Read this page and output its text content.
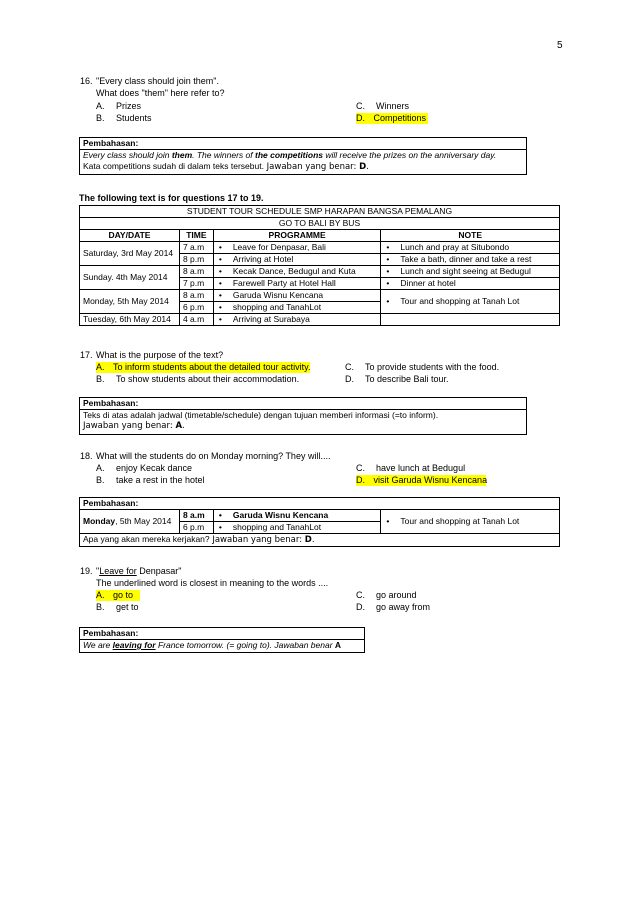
5
16. "Every class should join them".
What does "them" here refer to?
A. Prizes
B. Students
C. Winners
D. Competitions
Pembahasan:
Every class should join them. The winners of the competitions will receive the prizes on the anniversary day.
Kata competitions sudah di dalam teks tersebut. Jawaban yang benar: D.
The following text is for questions 17 to 19.
STUDENT TOUR SCHEDULE SMP HARAPAN BANGSA PEMALANG			
GO TO BALI BY BUS			
DAY/DATE	TIME	PROGRAMME	NOTE
Saturday, 3rd May 2014	7 a.m	• Leave for Denpasar, Bali	• Lunch and pray at Situbondo
	8 p.m	• Arriving at Hotel	• Take a bath, dinner and take a rest
Sunday. 4th May 2014	8 a.m	• Kecak Dance, Bedugul and Kuta	• Lunch and sight seeing at Bedugul
	7 p.m	• Farewell Party at Hotel Hall	• Dinner at hotel
Monday, 5th May 2014	8 a.m	• Garuda Wisnu Kencana	• Tour and shopping at Tanah Lot
	6 p.m	• shopping and TanahLot
Tuesday, 6th May 2014	4 a.m	• Arriving at Surabaya	
17. What is the purpose of the text?
A. To inform students about the detailed tour activity.
B. To show students about their accommodation.
C. To provide students with the food.
D. To describe Bali tour.
Pembahasan:
Teks di atas adalah jadwal (timetable/schedule) dengan tujuan memberi informasi (=to inform).
Jawaban yang benar: A.
18. What will the students do on Monday morning? They will....
A. enjoy Kecak dance
B. take a rest in the hotel
C. have lunch at Bedugul
D. visit Garuda Wisnu Kencana
Pembahasan:			
Monday, 5th May 2014	8 a.m	• Garuda Wisnu Kencana	• Tour and shopping at Tanah Lot
	6 p.m	• shopping and TanahLot
Apa yang akan mereka kerjakan? Jawaban yang benar: D.			
19. "Leave for Denpasar"
The underlined word is closest in meaning to the words ....
A. go to
B. get to
C. go around
D. go away from
Pembahasan:
We are leaving for France tomorrow. (= going to). Jawaban benar A
